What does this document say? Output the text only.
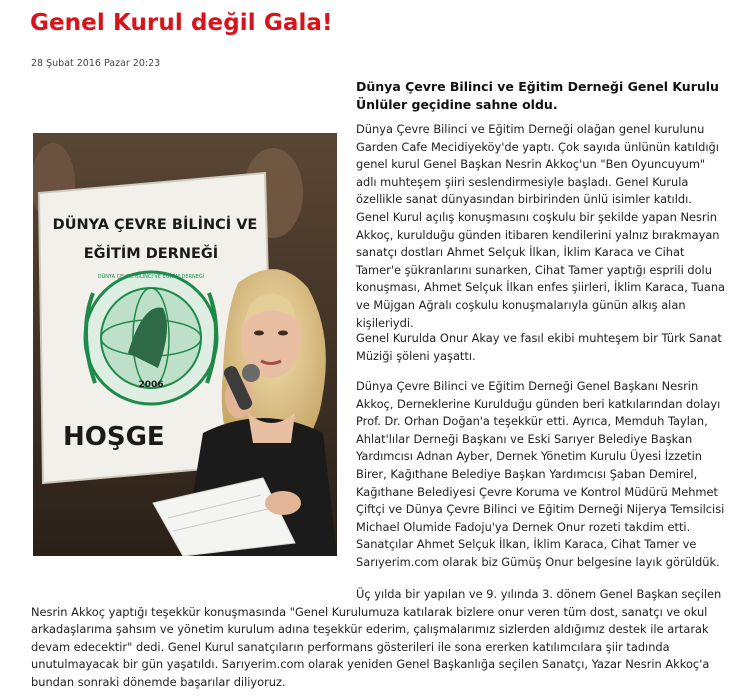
Genel Kurul değil Gala!
28 Şubat 2016 Pazar 20:23

Dünya Çevre Bilinci ve Eğitim Derneği Genel Kurulu Ünlüler geçidine sahne oldu.

DÜNYA ÇEVRE BİLİNCİ VE
EĞİTİM DERNEĞİ
2006
DÜNYA ÇEVRE BİLİNCİ VE EĞİTİM DERNEĞİ
HOŞGE

Dünya Çevre Bilinci ve Eğitim Derneği olağan genel kurulunu Garden Cafe Mecidiyeköy'de yaptı. Çok sayıda ünlünün katıldığı genel kurul Genel Başkan Nesrin Akkoç'un "Ben Oyuncuyum" adlı muhteşem şiiri seslendirmesiyle başladı. Genel Kurula özellikle sanat dünyasından birbirinden ünlü isimler katıldı. Genel Kurul açılış konuşmasını coşkulu bir şekilde yapan Nesrin Akkoç, kurulduğu günden itibaren kendilerini yalnız bırakmayan sanatçı dostları Ahmet Selçuk İlkan, İklim Karaca ve Cihat Tamer'e şükranlarını sunarken, Cihat Tamer yaptığı esprili dolu konuşması, Ahmet Selçuk İlkan enfes şiirleri, İklim Karaca, Tuana ve Müjgan Ağralı coşkulu konuşmalarıyla günün alkış alan kişileriydi.

Genel Kurulda Onur Akay ve fasıl ekibi muhteşem bir Türk Sanat Müziği şöleni yaşattı.

Dünya Çevre Bilinci ve Eğitim Derneği Genel Başkanı Nesrin Akkoç, Derneklerine Kurulduğu günden beri katkılarından dolayı Prof. Dr. Orhan Doğan'a teşekkür etti. Ayrıca, Memduh Taylan, Ahlat'lılar Derneği Başkanı ve Eski Sarıyer Belediye Başkan Yardımcısı Adnan Ayber, Dernek Yönetim Kurulu Üyesi İzzetin Birer, Kağıthane Belediye Başkan Yardımcısı Şaban Demirel, Kağıthane Belediyesi Çevre Koruma ve Kontrol Müdürü Mehmet Çiftçi ve Dünya Çevre Bilinci ve Eğitim Derneği Nijerya Temsilcisi Michael Olumide Fadoju'ya Dernek Onur rozeti takdim etti. Sanatçılar Ahmet Selçuk İlkan, İklim Karaca, Cihat Tamer ve Sarıyerim.com olarak biz Gümüş Onur belgesine layık görüldük.

Üç yılda bir yapılan ve 9. yılında 3. dönem Genel Başkan seçilen Nesrin Akkoç yaptığı teşekkür konuşmasında "Genel Kurulumuza katılarak bizlere onur veren tüm dost, sanatçı ve okul arkadaşlarıma şahsım ve yönetim kurulum adına teşekkür ederim, çalışmalarımız sizlerden aldığımız destek ile artarak devam edecektir" dedi. Genel Kurul sanatçıların performans gösterileri ile sona ererken katılımcılara şiir tadında unutulmayacak bir gün yaşatıldı. Sarıyerim.com olarak yeniden Genel Başkanlığa seçilen Sanatçı, Yazar Nesrin Akkoç'a bundan sonraki dönemde başarılar diliyoruz.
